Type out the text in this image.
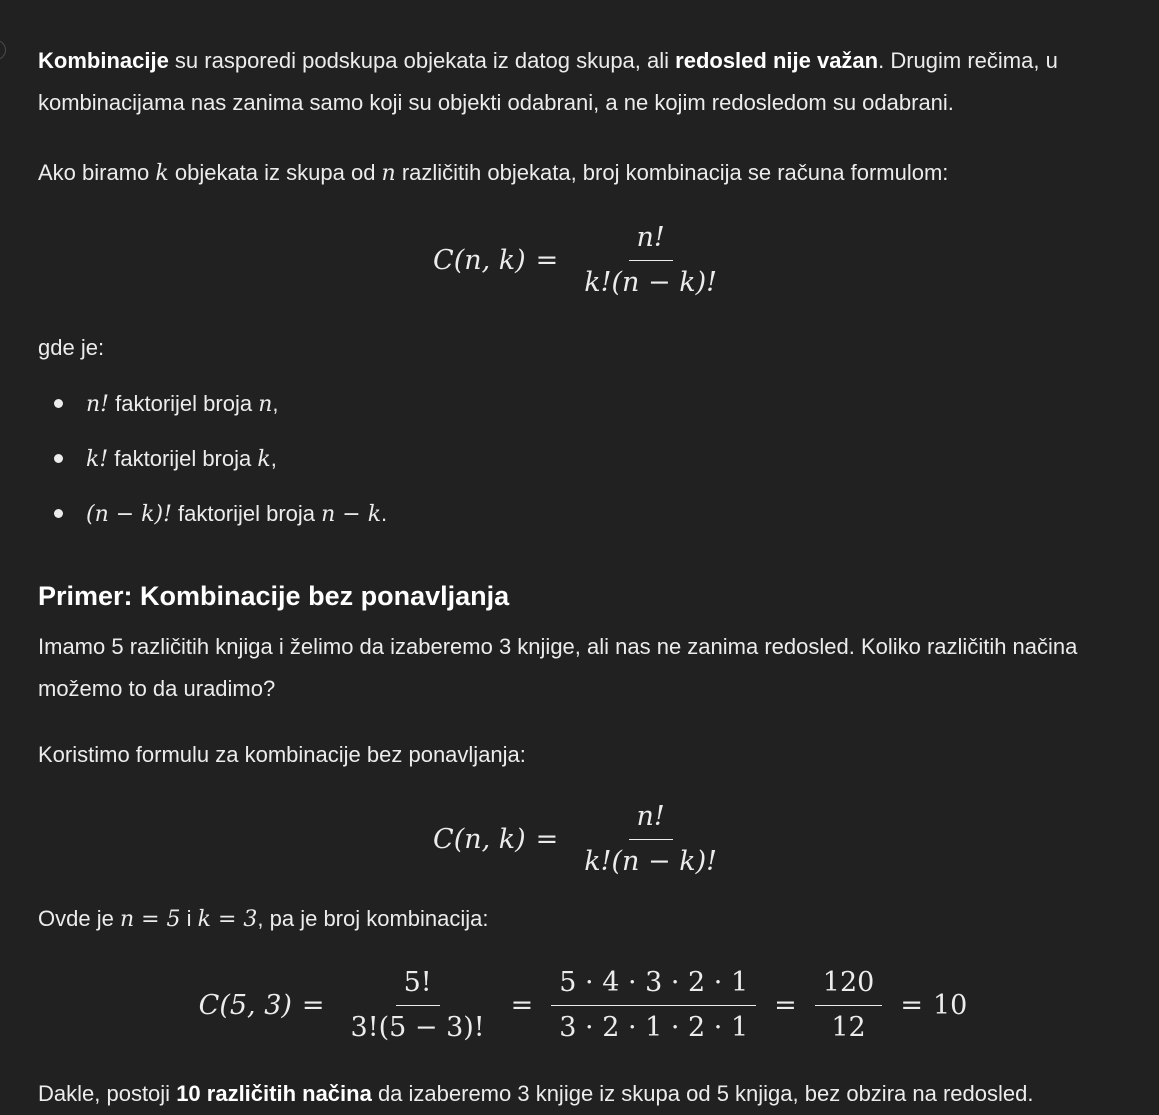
Kombinacije su rasporedi podskupa objekata iz datog skupa, ali redosled nije važan. Drugim rečima, u kombinacijama nas zanima samo koji su objekti odabrani, a ne kojim redosledom su odabrani.

Ako biramo k objekata iz skupa od n različitih objekata, broj kombinacija se računa formulom:

C (n, $k) = \frac{n!}{k!(n - k)!}$

gde je:

n! faktorijel broja n,
k! faktorijel broja k,
(n − k)! faktorijel broja n − k.
Primer: Kombinacije bez ponavljanja

Imamo 5 različitih knjiga i želimo da izaberemo 3 knjige, ali nas ne zanima redosled. Koliko različitih načina možemo to da uradimo?

Koristimo formulu za kombinacije bez ponavljanja:

C (n, $k) = \frac{n!}{k!(n - k)!}$

Ovde je n = 5 i k = 3, pa je broj kombinacija:

C(5, $3) = \frac{5!}{3!(5 - 3)!} = \frac{5 \cdot 4 \cdot 3 \cdot 2 \cdot 1}{3 \cdot 2 \cdot 1 \cdot 2 \cdot 1} = \frac{120}{12} = 10$

Dakle, postoji 10 različitih načina da izaberemo 3 knjige iz skupa od 5 knjiga, bez obzira na redosled.
